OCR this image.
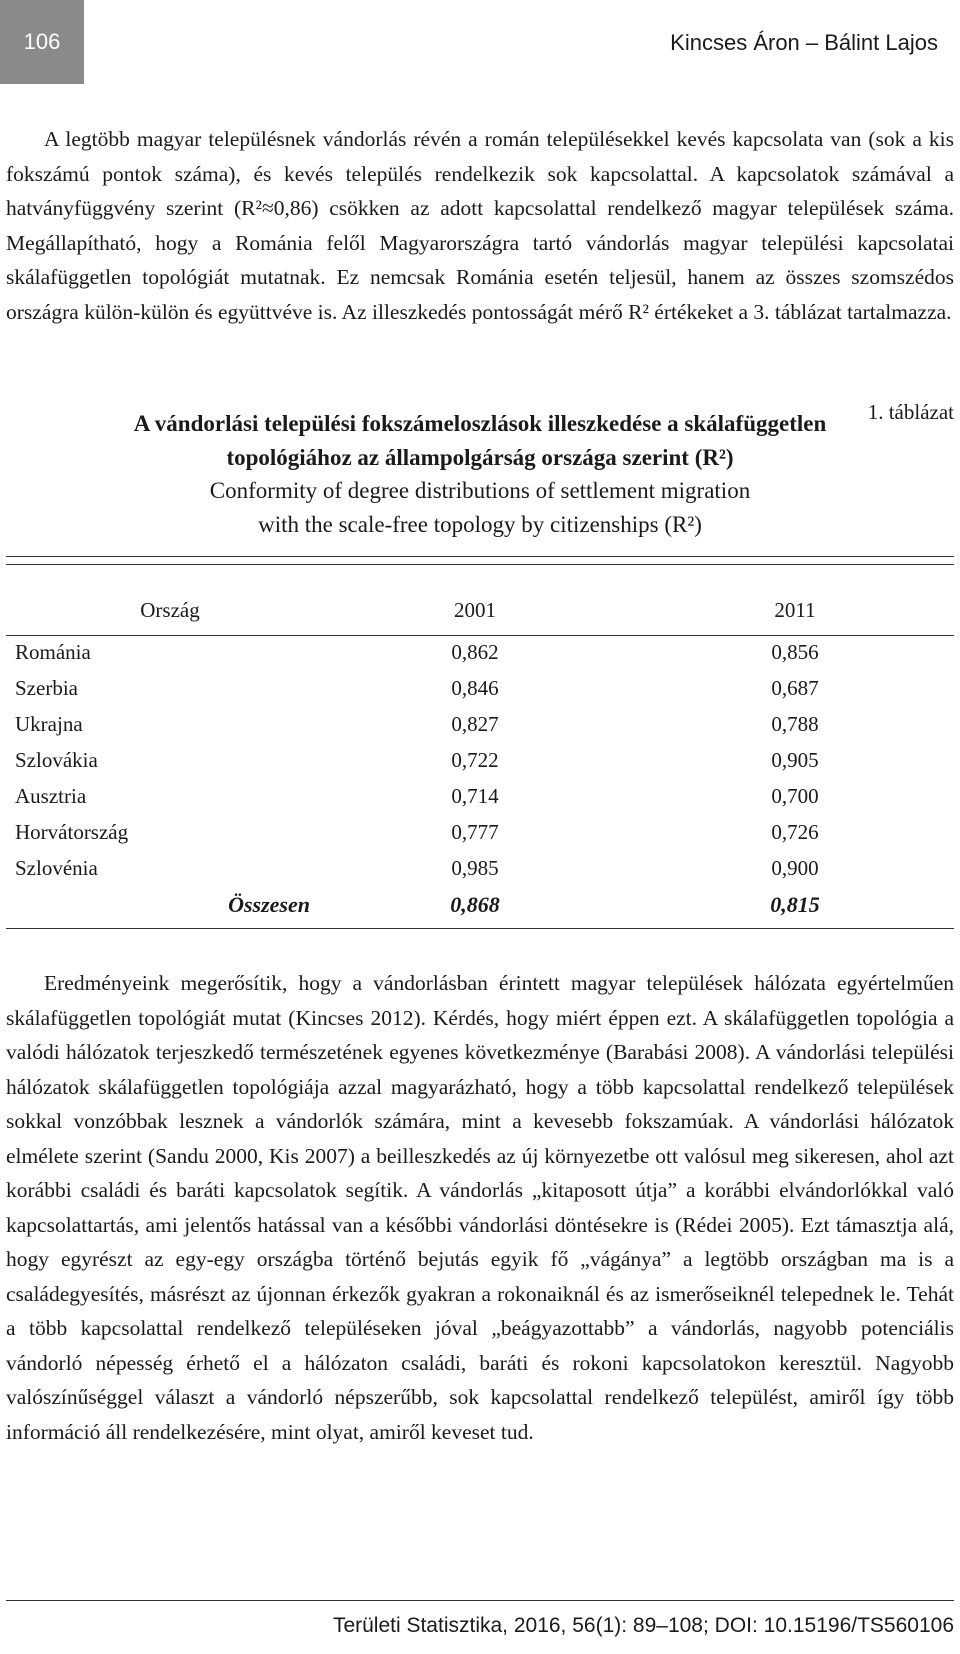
106	Kincses Áron – Bálint Lajos

A legtöbb magyar településnek vándorlás révén a román településekkel kevés kapcsolata van (sok a kis fokszámú pontok száma), és kevés település rendelkezik sok kapcsolattal. A kapcsolatok számával a hatványfüggvény szerint (R²≈0,86) csökken az adott kapcsolattal rendelkező magyar települések száma. Megállapítható, hogy a Románia felől Magyarországra tartó vándorlás magyar települési kapcsolatai skálafüggetlen topológiát mutatnak. Ez nemcsak Románia esetén teljesül, hanem az összes szomszédos országra külön-külön és együttvéve is. Az illeszkedés pontosságát mérő R² értékeket a 3. táblázat tartalmazza.

1. táblázat
A vándorlási települési fokszámeloszlások illeszkedése a skálafüggetlen
topológiához az állampolgárság országa szerint (R²)
Conformity of degree distributions of settlement migration
with the scale-free topology by citizenships (R²)
Ország	2001	2011
Románia	0,862	0,856
Szerbia	0,846	0,687
Ukrajna	0,827	0,788
Szlovákia	0,722	0,905
Ausztria	0,714	0,700
Horvátország	0,777	0,726
Szlovénia	0,985	0,900
Összesen	0,868	0,815

Eredményeink megerősítik, hogy a vándorlásban érintett magyar települések hálózata egyértelműen skálafüggetlen topológiát mutat (Kincses 2012). Kérdés, hogy miért éppen ezt. A skálafüggetlen topológia a valódi hálózatok terjeszkedő természetének egyenes következménye (Barabási 2008). A vándorlási települési hálózatok skálafüggetlen topológiája azzal magyarázható, hogy a több kapcsolattal rendelkező települések sokkal vonzóbbak lesznek a vándorlók számára, mint a kevesebb fokszamúak. A vándorlási hálózatok elmélete szerint (Sandu 2000, Kis 2007) a beilleszkedés az új környezetbe ott valósul meg sikeresen, ahol azt korábbi családi és baráti kapcsolatok segítik. A vándorlás „kitaposott útja” a korábbi elvándorlókkal való kapcsolattartás, ami jelentős hatással van a későbbi vándorlási döntésekre is (Rédei 2005). Ezt támasztja alá, hogy egyrészt az egy-egy országba történő bejutás egyik fő „vágánya” a legtöbb országban ma is a családegyesítés, másrészt az újonnan érkezők gyakran a rokonaiknál és az ismerőseiknél telepednek le. Tehát a több kapcsolattal rendelkező településeken jóval „beágyazottabb” a vándorlás, nagyobb potenciális vándorló népesség érhető el a hálózaton családi, baráti és rokoni kapcsolatokon keresztül. Nagyobb valószínűséggel választ a vándorló népszerűbb, sok kapcsolattal rendelkező települést, amiről így több információ áll rendelkezésére, mint olyat, amiről keveset tud.

Területi Statisztika, 2016, 56(1): 89–108; DOI: 10.15196/TS560106
